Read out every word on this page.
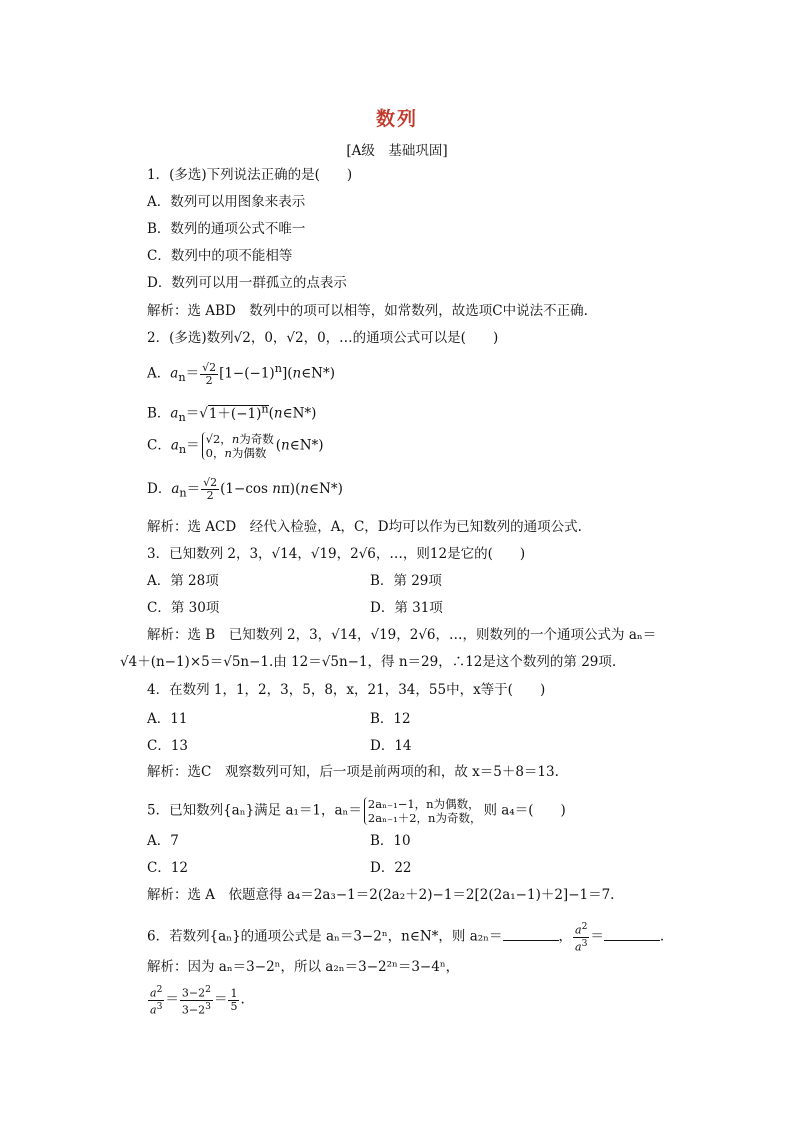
数列
[A级　基础巩固]
1．(多选)下列说法正确的是(　　)
A．数列可以用图象来表示
B．数列的通项公式不唯一
C．数列中的项不能相等
D．数列可以用一群孤立的点表示
解析：选 ABD　数列中的项可以相等，如常数列，故选项C中说法不正确.
2．(多选)数列√2，0，√2，0，…的通项公式可以是(　　)
A．$a_n= \frac{√2}{2}$ $[1-(-1)^n](n\in N*)$
B．$a_n=√1+(-1)^n(n\in N*)$
C．$a_n= √2$，n为奇数
0，n为偶数 (n∈N*)
D．$a_n= \frac{√2}{2} (1-\cos$ nπ)(n∈N*)
解析：选 ACD　经代入检验，A，C，D均可以作为已知数列的通项公式.
3．已知数列 2，3，√14，√19，2√6，…，则12是它的(　　)
A．第 28项	B．第 29项
C．第 30项	D．第 31项
解析：选 B　已知数列 2，3，√14，√19，2√6，…，则数列的一个通项公式为 aₙ＝
√4＋(n−1)×5＝√5n−1.由 12＝√5n−1，得 n＝29，∴12是这个数列的第 29项.
4．在数列 1，1，2，3，5，8，x，21，34，55中，x等于(　　)
A．11	B．12
C．13	D．14
解析：选C　观察数列可知，后一项是前两项的和，故 x＝5＋8＝13.
5．已知数列{aₙ}满足 a₁＝1，aₙ＝ 2aₙ₋₁−1，n为偶数，
2aₙ₋₁＋2，n为奇数， 则 a₄＝(　　)
A．7	B．10
C．12	D．22
解析：选 A　依题意得 a₄＝2a₃−1＝2(2a₂＋2)−1＝2[2(2a₁−1)＋2]−1＝7.
6．若数列{aₙ}的通项公式是 aₙ＝3−2ⁿ，n∈N*，则 a₂ₙ＝	， $\frac{a^2}{a^3}$ ＝	.
解析：因为 aₙ＝3−2ⁿ，所以 a₂ₙ＝3−2²ⁿ＝3−4ⁿ，
$\frac{a^2}{a^3} = \frac{3-2^2}{3-2^3} = \frac{1}{5}$ .
